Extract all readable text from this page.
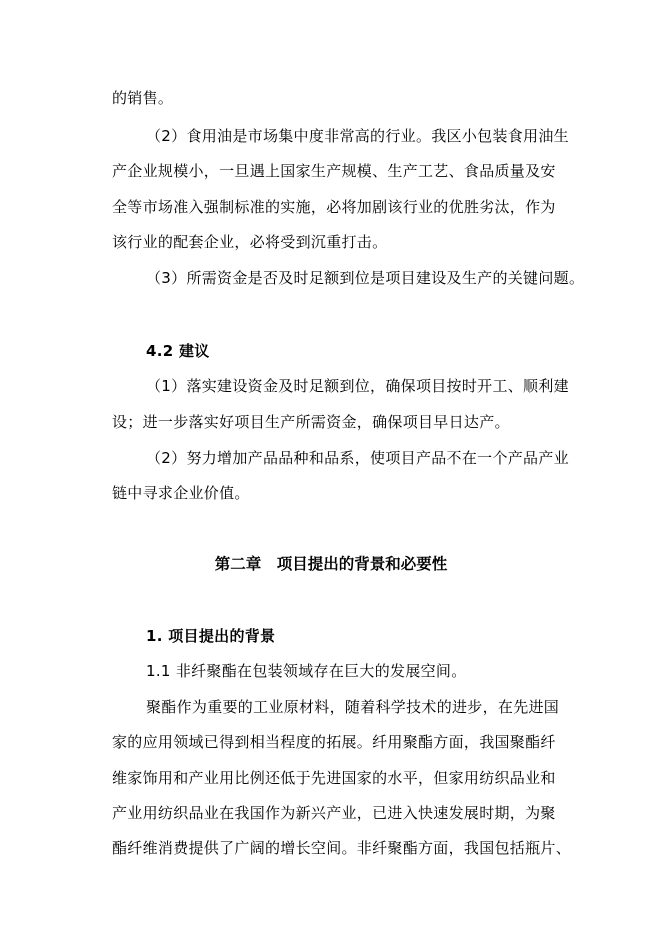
的销售。
（2）食用油是市场集中度非常高的行业。我区小包装食用油生
产企业规模小，一旦遇上国家生产规模、生产工艺、食品质量及安
全等市场准入强制标准的实施，必将加剧该行业的优胜劣汰，作为
该行业的配套企业，必将受到沉重打击。
（3）所需资金是否及时足额到位是项目建设及生产的关键问题。
4.2 建议
（1）落实建设资金及时足额到位，确保项目按时开工、顺利建
设；进一步落实好项目生产所需资金，确保项目早日达产。
（2）努力增加产品品种和品系，使项目产品不在一个产品产业
链中寻求企业价值。
第二章　项目提出的背景和必要性
1. 项目提出的背景
1.1 非纤聚酯在包装领域存在巨大的发展空间。
聚酯作为重要的工业原材料，随着科学技术的进步，在先进国
家的应用领域已得到相当程度的拓展。纤用聚酯方面，我国聚酯纤
维家饰用和产业用比例还低于先进国家的水平，但家用纺织品业和
产业用纺织品业在我国作为新兴产业，已进入快速发展时期，为聚
酯纤维消费提供了广阔的增长空间。非纤聚酯方面，我国包括瓶片、
